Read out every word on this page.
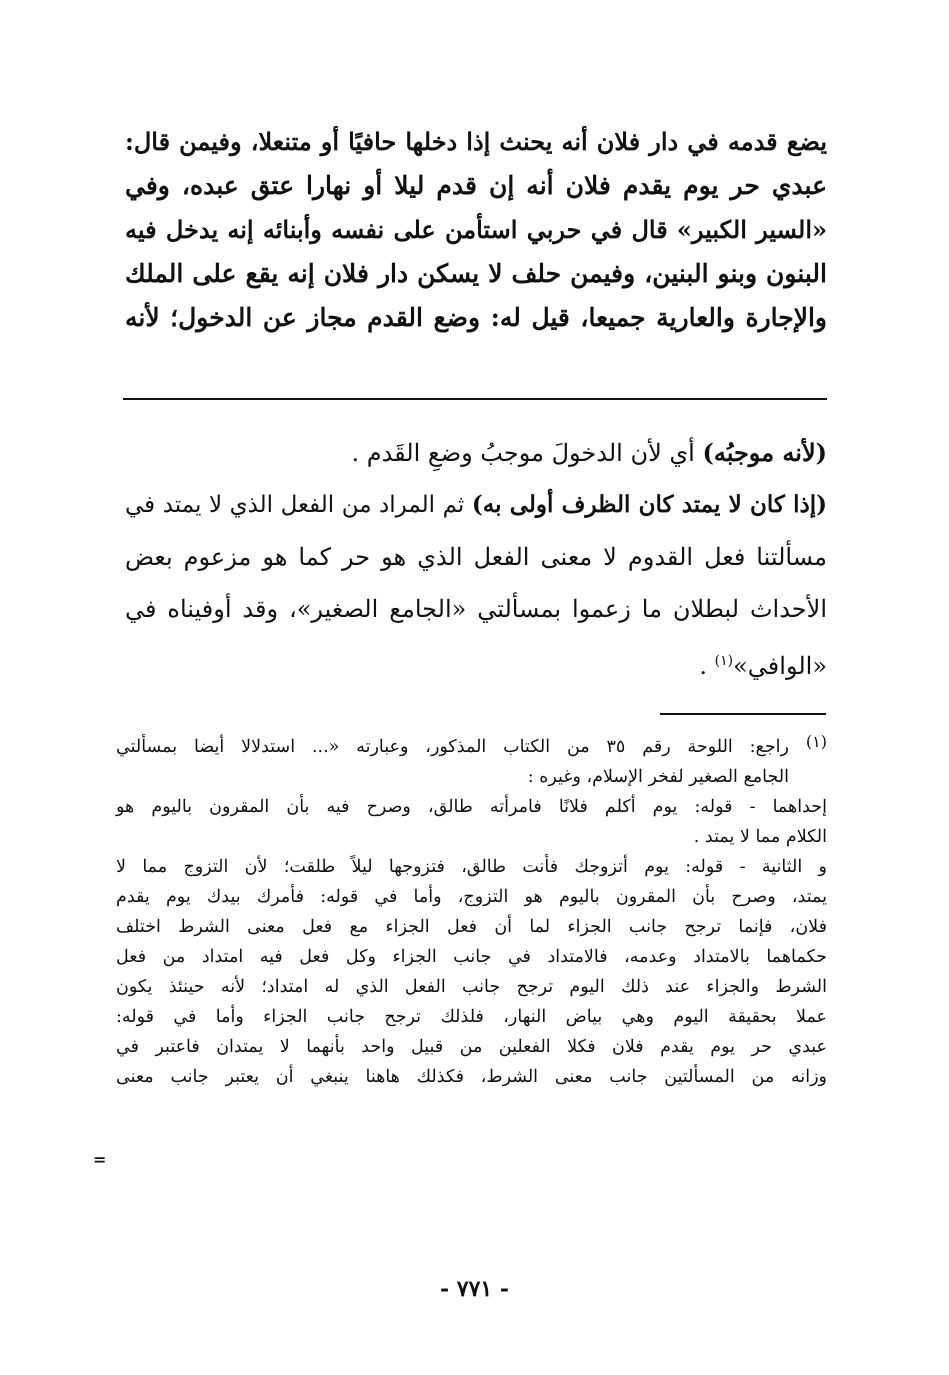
يضع قدمه في دار فلان أنه يحنث إذا دخلها حافيًا أو متنعلا، وفيمن قال:
عبدي حر يوم يقدم فلان أنه إن قدم ليلا أو نهارا عتق عبده، وفي
«السير الكبير» قال في حربي استأمن على نفسه وأبنائه إنه يدخل فيه
البنون وبنو البنين، وفيمن حلف لا يسكن دار فلان إنه يقع على الملك
والإجارة والعارية جميعا، قيل له: وضع القدم مجاز عن الدخول؛ لأنه
(لأنه موجبُه) أي لأن الدخولَ موجبُ وضعِ القَدم .
(إذا كان لا يمتد كان الظرف أولى به) ثم المراد من الفعل الذي لا يمتد في
مسألتنا فعل القدوم لا معنى الفعل الذي هو حر كما هو مزعوم بعض
الأحداث لبطلان ما زعموا بمسألتي «الجامع الصغير»، وقد أوفيناه في
«الوافي»$^{(١)}$ .
(١)
راجع: اللوحة رقم ٣٥ من الكتاب المذكور، وعبارته «... استدلالا أيضا بمسألتي
الجامع الصغير لفخر الإسلام، وغيره :
إحداهما - قوله: يوم أكلم فلانًا فامرأته طالق، وصرح فيه بأن المقرون باليوم هو
الكلام مما لا يمتد .
و الثانية - قوله: يوم أتزوجك فأنت طالق، فتزوجها ليلاً طلقت؛ لأن التزوج مما لا
يمتد، وصرح بأن المقرون باليوم هو التزوج، وأما في قوله: فأمرك بيدك يوم يقدم
فلان، فإنما ترجح جانب الجزاء لما أن فعل الجزاء مع فعل معنى الشرط اختلف
حكماهما بالامتداد وعدمه، فالامتداد في جانب الجزاء وكل فعل فيه امتداد من فعل
الشرط والجزاء عند ذلك اليوم ترجح جانب الفعل الذي له امتداد؛ لأنه حينئذ يكون
عملا بحقيقة اليوم وهي بياض النهار، فلذلك ترجح جانب الجزاء وأما في قوله:
عبدي حر يوم يقدم فلان فكلا الفعلين من قبيل واحد بأنهما لا يمتدان فاعتبر في
وزانه من المسألتين جانب معنى الشرط، فكذلك هاهنا ينبغي أن يعتبر جانب معنى
=
- ٧٧١ -
